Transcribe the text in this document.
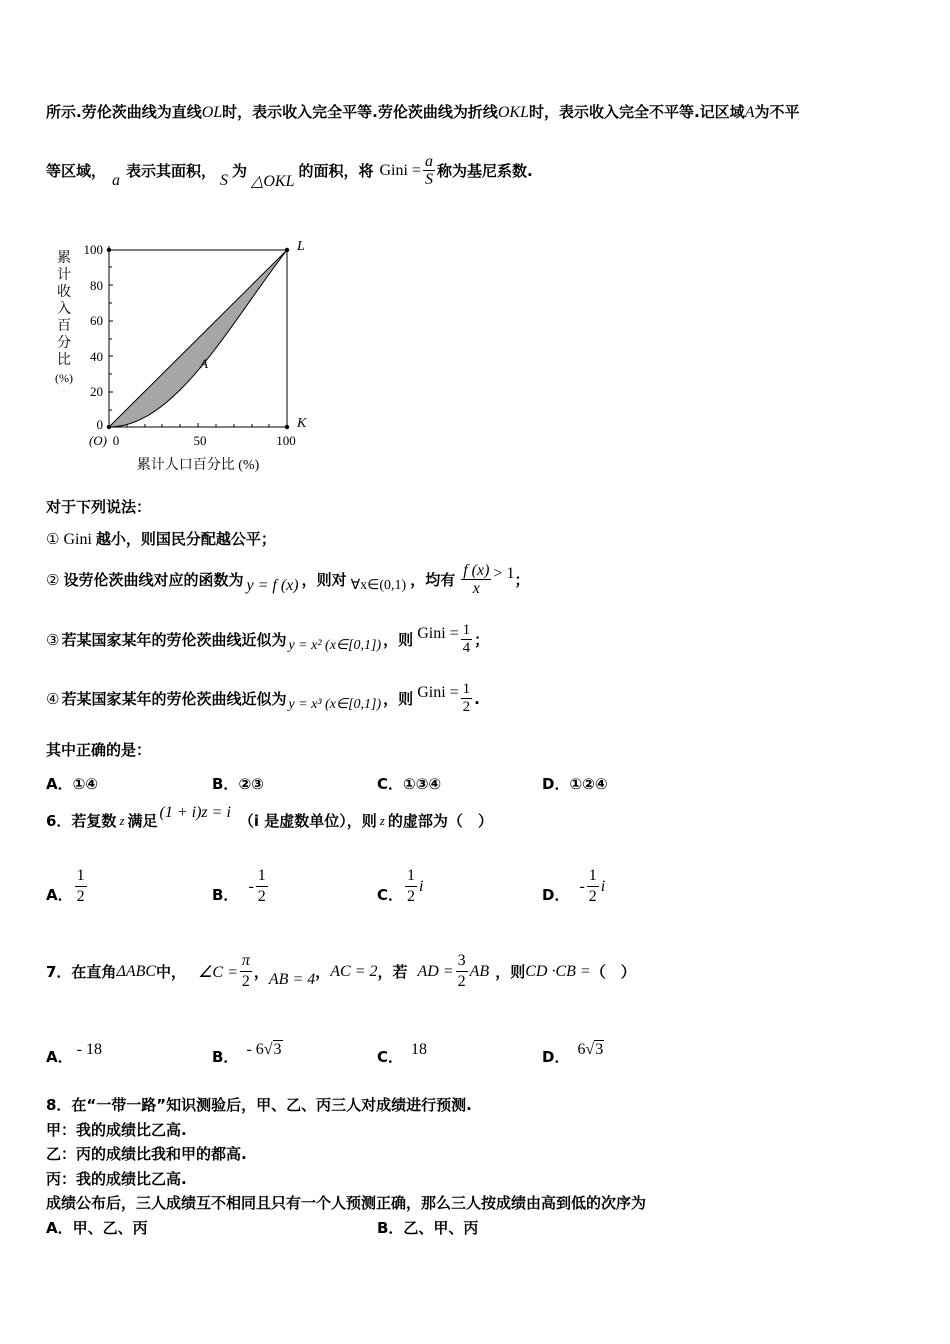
所示.劳伦茨曲线为直线OL时，表示收入完全平等.劳伦茨曲线为折线OKL时，表示收入完全不平等.记区域A为不平
等区域， a 表示其面积， S 为
△OKL
的面积，将 Gini = $\frac{a}{S}$ 称为基尼系数.
累
计
收
入
百
分
比
(%)
100
80
60
40
20
0
0	50	100
(O)
L
K
A
累计人口百分比 (%)
对于下列说法：
① Gini 越小，则国民分配越公平；
② 设劳伦茨曲线对应的函数为 y = f (x) ，则对 ∀x∈(0,1) ，均有 $\frac{f (x)}{x} > 1$ ；
③ 若某国家某年的劳伦茨曲线近似为 y = x² (x∈[0,1]) ，则 Gini = $\frac{1}{4}$ ；
④ 若某国家某年的劳伦茨曲线近似为 y = x³ (x∈[0,1]) ，则 Gini = $\frac{1}{2}$ .
其中正确的是：
A．①④	B．②③	C．①③④	D．①②④
6．若复数 z 满足 (1 + i)z = i （i 是虚数单位），则 z 的虚部为（　）
A． $\frac{1}{2}$	B． - $\frac{1}{2}$	C． $\frac{1}{2}$ i	D． - $\frac{1}{2}$ i
7．在直角 ΔABC 中， ∠C = $\frac{\pi}{2}$ ， AB = 4 ， AC = 2 ，若 AD = $\frac{3}{2}$ AB ，则 CD ·CB = （　）
A． - 18	B． - 6√3	C． 18	D． 6√3
8．在“一带一路”知识测验后，甲、乙、丙三人对成绩进行预测.
甲：我的成绩比乙高.
乙：丙的成绩比我和甲的都高.
丙：我的成绩比乙高.
成绩公布后，三人成绩互不相同且只有一个人预测正确，那么三人按成绩由高到低的次序为
A．甲、乙、丙	B．乙、甲、丙
